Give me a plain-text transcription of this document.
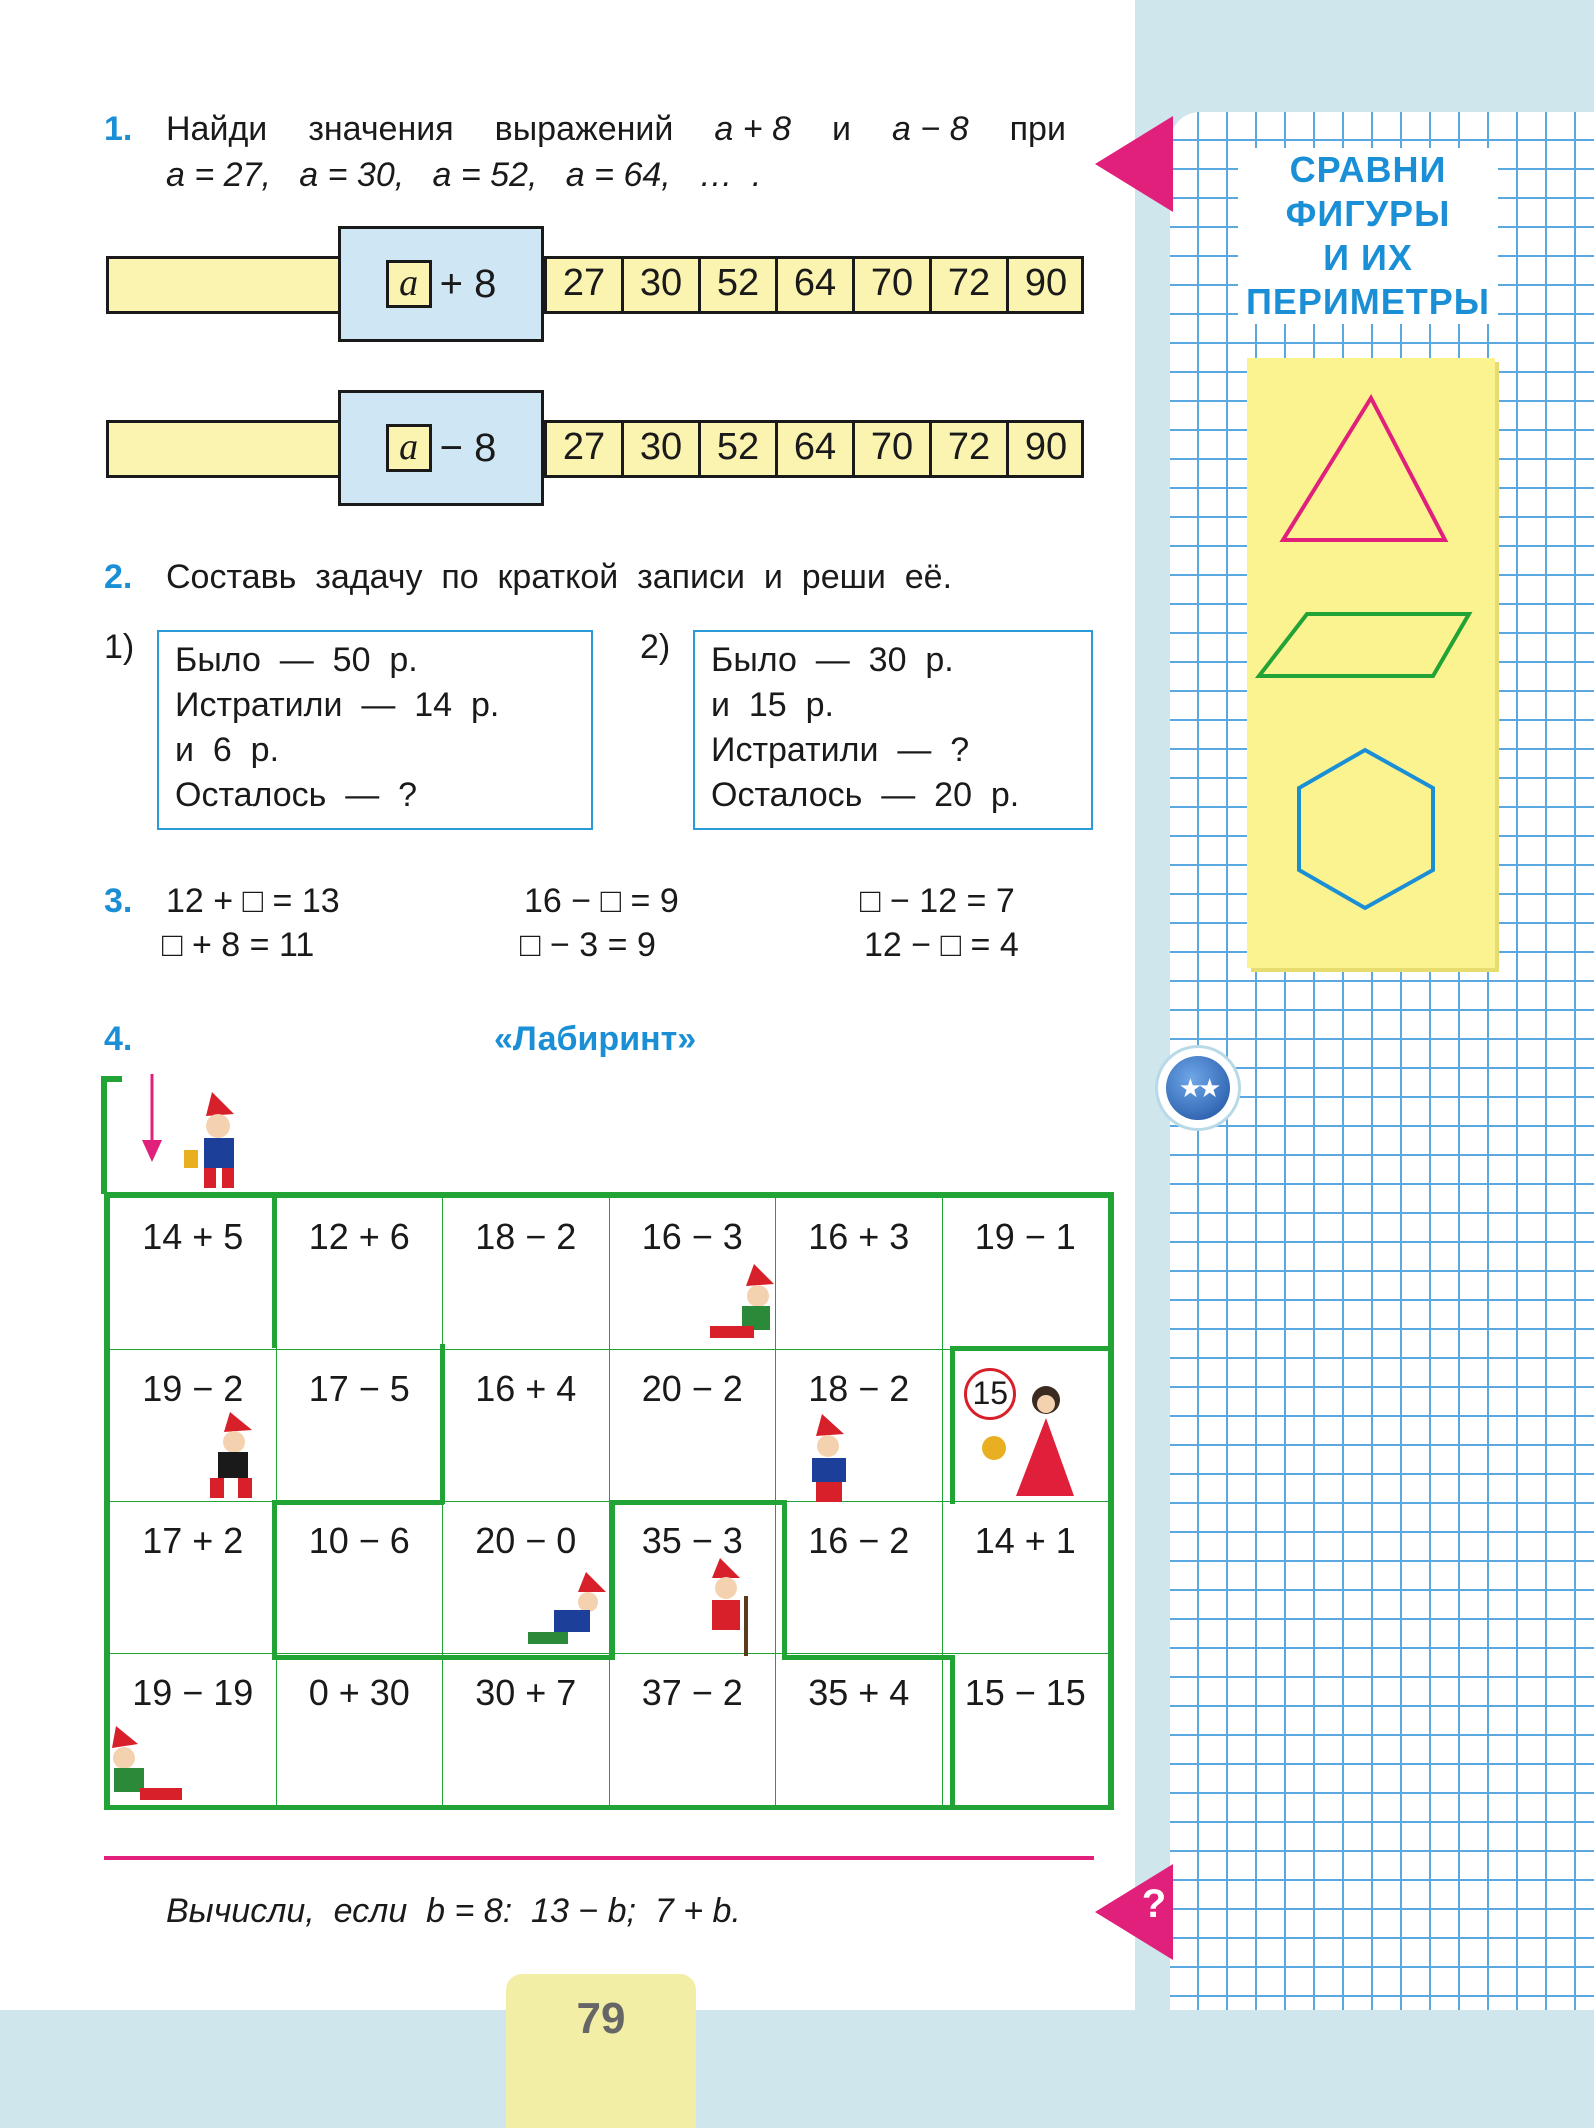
СРАВНИ
ФИГУРЫ
И ИХ
ПЕРИМЕТРЫ
★★
?
1. Найди значения выражений a + 8 и a − 8 при
a = 27,   a = 30,   a = 52,   a = 64,   …  .
a + 8	27 30 52 64 70 72 90
a − 8	27 30 52 64 70 72 90
2. Составь  задачу  по  краткой  записи  и  реши  её.
1) Было  —  50  р.
Истратили  —  14  р.
и  6  р.
Осталось  —  ?
2) Было  —  30  р.
и  15  р.
Истратили  —  ?
Осталось  —  20  р.
3. 12 + □ = 13	16 − □ = 9	□ − 12 = 7
□ + 8 = 11	□ − 3 = 9	12 − □ = 4
4.	«Лабиринт»
14 + 5	12 + 6	18 − 2	16 − 3	16 + 3	19 − 1
19 − 2	17 − 5	16 + 4	20 − 2	18 − 2	15
17 + 2	10 − 6	20 − 0	35 − 3	16 − 2	14 + 1
19 − 19	0 + 30	30 + 7	37 − 2	35 + 4	15 − 15
Вычисли,  если  b = 8:  13 − b;  7 + b.
79
